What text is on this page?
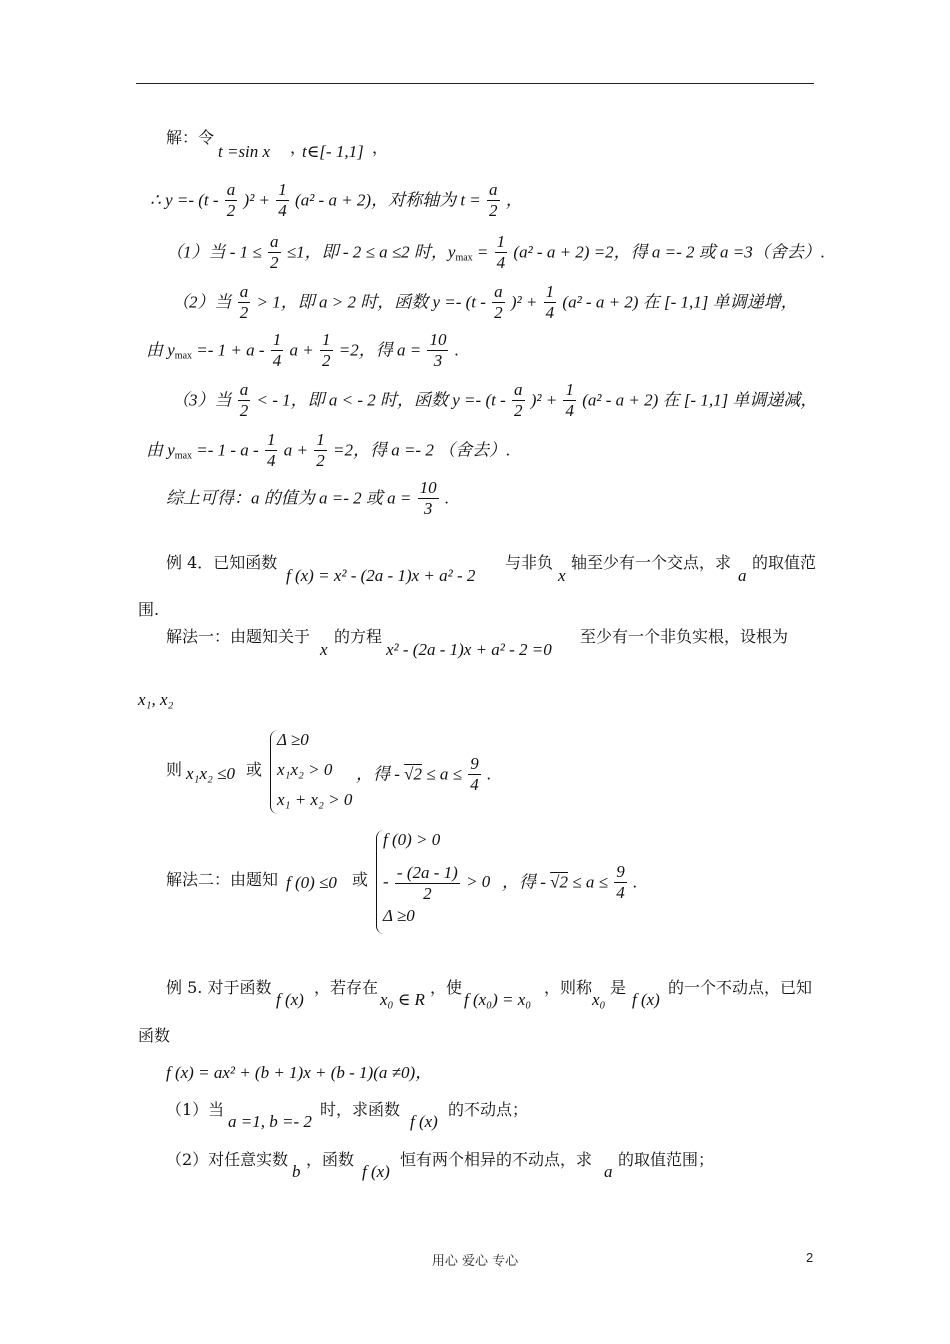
解：令
t =sin x ，
t∈[- 1,1] ，
∴ $y =- (t - \frac{a}{2} )^2 + \frac{1}{4} (a^2 - a + 2)$，对称轴为 $t = \frac{a}{2}$ ，
（1）当 - $1 \le \frac{a}{2} \le 1$，即 - 2 ≤ a ≤2 时，$y_{max} = \frac{1}{4} (a^2 - a + 2) =2$，得 a =- 2 或 a =3（舍去）.
（2）当 $\frac{a}{2} > 1$，即 a > 2 时，函数 $y =- (t - \frac{a}{2} )^2 + \frac{1}{4} (a^2 - a + 2)$ 在 [- 1,1] 单调递增，
由 $y_{max} =- 1 + a - \frac{1}{4}$ $a + \frac{1}{2} =2$，得 $a = \frac{10}{3}$ .
（3）当 $\frac{a}{2}$ < - 1，即 a < - 2 时，函数 $y =- (t - \frac{a}{2} )^2 + \frac{1}{4} (a^2 - a + 2)$ 在 [- 1,1] 单调递减，
由 $y_{max} =- 1 - a - \frac{1}{4}$ $a + \frac{1}{2} =2$，得 a =- 2 （舍去）.
综上可得：a 的值为 a =- 2 或 $a = \frac{10}{3}$ .
例 4．已知函数
f (x) = x² - (2a - 1)x + a² - 2
与非负
x
轴至少有一个交点，求
a
的取值范
围.
解法一：由题知关于
x
的方程
x² - (2a - 1)x + a² - 2 =0
至少有一个非负实根，设根为
x₁, x₂
则 x₁x₂ ≤0 或
Δ ≥0
x₁x₂ > 0
x₁ + x₂ > 0
，得 - $√2 \le a \le \frac{9}{4}$ .
解法二：由题知 f (0) ≤0 或
f (0) > 0
- $\frac{- (2a - 1)}{2} > 0$
Δ ≥0
，得 - $√2 \le a \le \frac{9}{4}$ .
例 5. 对于函数
f (x)
，若存在
x₀ ∈ R
，使
f (x₀) = x₀
，则称
x₀
是
f (x)
的一个不动点，已知
函数
f (x) = ax² + (b + 1)x + (b - 1)(a ≠0)，
（1）当
a =1, b =- 2
时，求函数
f (x)
的不动点；
（2）对任意实数
b
，函数
f (x)
恒有两个相异的不动点，求
a
的取值范围；
用心 爱心 专心	2
